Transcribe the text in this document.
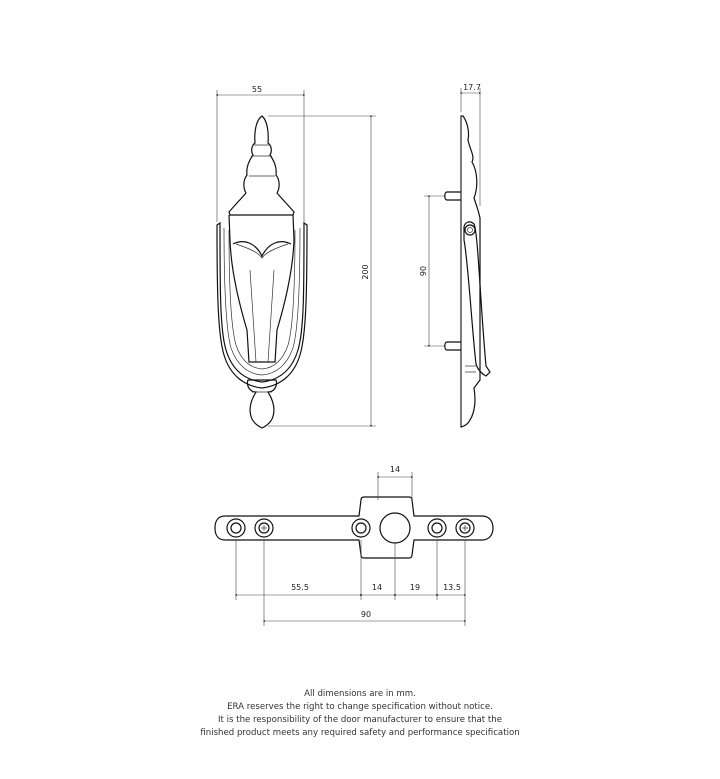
55
200
17.7
90
14
55.5	14	19	13.5
90
All dimensions are in mm.
ERA reserves the right to change specification without notice.
It is the responsibility of the door manufacturer to ensure that the
finished product meets any required safety and performance specification
